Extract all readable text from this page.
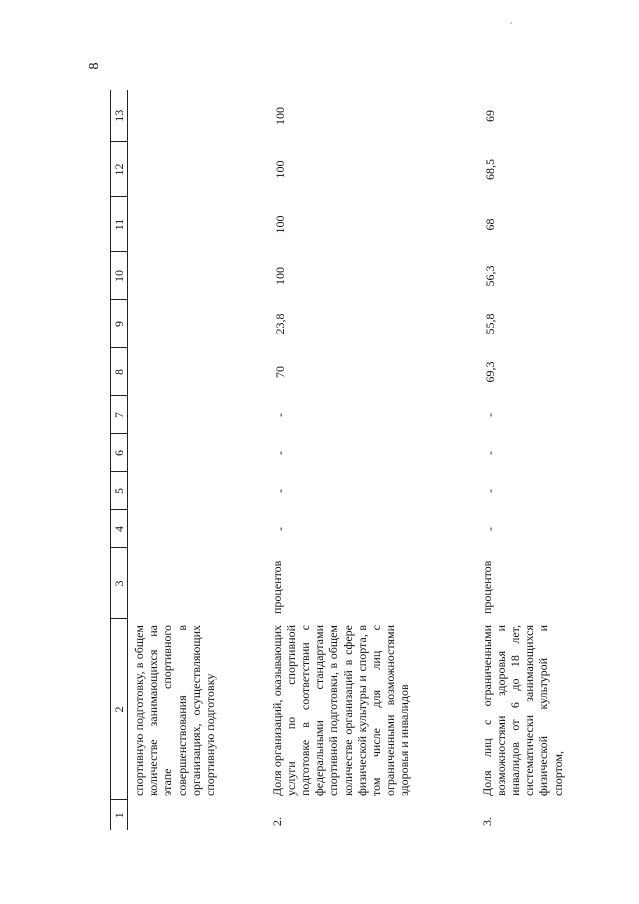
8
1	2	3	4	5	6	7	8	9	10	11	12	13
	спортивную подготовку, в общем количестве занимающихся на этапе спортивного совершенствования в организациях, осуществляющих спортивную подготовку											
2.	Доля организаций, оказывающих услуги по спортивной подготовке в соответствии с федеральными стандартами спортивной подготовки, в общем количестве организаций в сфере физической культуры и спорта, в том числе для лиц с ограниченными возможностями здоровья и инвалидов	процентов	-	-	-	-	70	23,8	100	100	100	100
3.	Доля лиц с ограниченными возможностями здоровья и инвалидов от 6 до 18 лет, систематически занимающихся физической культурой и спортом,	процентов	-	-	-	-	69,3	55,8	56,3	68	68,5	69
